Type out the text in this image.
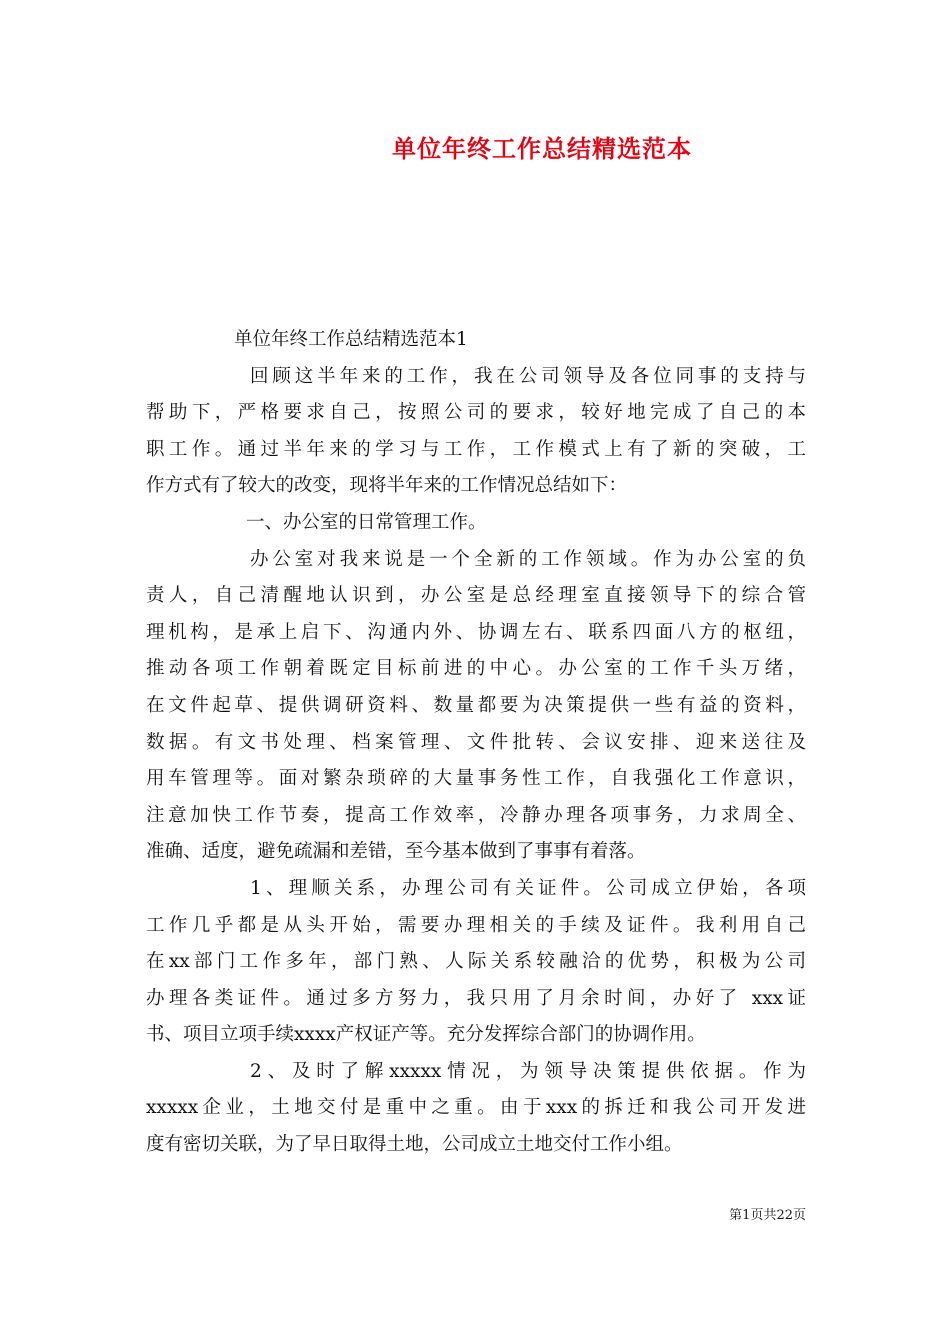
单位年终工作总结精选范本
单位年终工作总结精选范本1
回顾这半年来的工作，我在公司领导及各位同事的支持与
帮助下，严格要求自己，按照公司的要求，较好地完成了自己的本
职工作。通过半年来的学习与工作，工作模式上有了新的突破，工
作方式有了较大的改变，现将半年来的工作情况总结如下：
一、办公室的日常管理工作。
办公室对我来说是一个全新的工作领域。作为办公室的负
责人，自己清醒地认识到，办公室是总经理室直接领导下的综合管
理机构，是承上启下、沟通内外、协调左右、联系四面八方的枢纽，
推动各项工作朝着既定目标前进的中心。办公室的工作千头万绪，
在文件起草、提供调研资料、数量都要为决策提供一些有益的资料，
数据。有文书处理、档案管理、文件批转、会议安排、迎来送往及
用车管理等。面对繁杂琐碎的大量事务性工作，自我强化工作意识，
注意加快工作节奏，提高工作效率，冷静办理各项事务，力求周全、
准确、适度，避免疏漏和差错，至今基本做到了事事有着落。
1、理顺关系，办理公司有关证件。公司成立伊始，各项
工作几乎都是从头开始，需要办理相关的手续及证件。我利用自己
在xx部门工作多年，部门熟、人际关系较融洽的优势，积极为公司
办理各类证件。通过多方努力，我只用了月余时间，办好了 xxx证
书、项目立项手续xxxx产权证产等。充分发挥综合部门的协调作用。
2、及时了解xxxxx情况，为领导决策提供依据。作为
xxxxx企业，土地交付是重中之重。由于xxx的拆迁和我公司开发进
度有密切关联，为了早日取得土地，公司成立土地交付工作小组。
第1页共22页
